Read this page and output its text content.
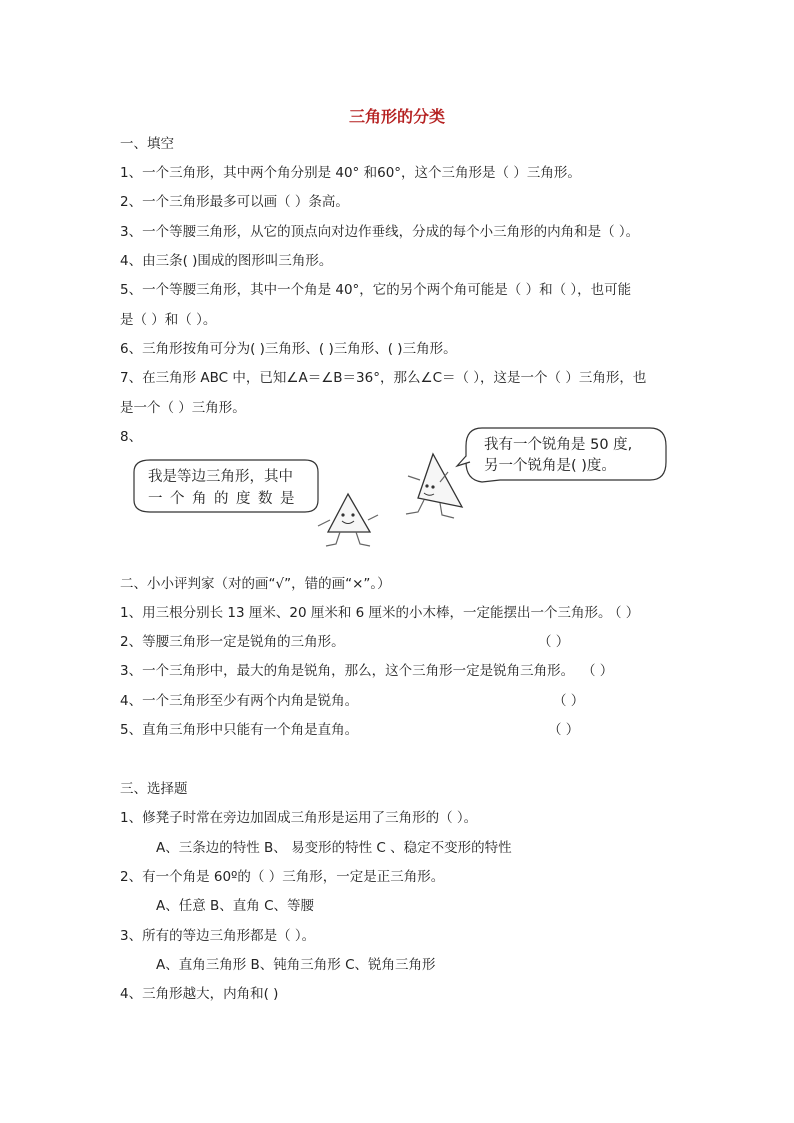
三角形的分类
一、填空
1、一个三角形，其中两个角分别是 40° 和60°，这个三角形是（ ）三角形。
2、一个三角形最多可以画（ ）条高。
3、一个等腰三角形，从它的顶点向对边作垂线，分成的每个小三角形的内角和是（ ）。
4、由三条( )围成的图形叫三角形。
5、一个等腰三角形，其中一个角是 40°，它的另个两个角可能是（ ）和（ ），也可能
是（ ）和（ ）。
6、三角形按角可分为( )三角形、( )三角形、( )三角形。
7、在三角形 ABC 中，已知∠A＝∠B＝36°，那么∠C＝（ ），这是一个（ ）三角形，也
是一个（ ）三角形。
8、
我是等边三角形，其中
一个角的度数是
我有一个锐角是 50 度,
另一个锐角是( )度。
二、小小评判家（对的画“√”，错的画“×”。）
1、用三根分别长 13 厘米、20 厘米和 6 厘米的小木棒，一定能摆出一个三角形。
（ ）
2、等腰三角形一定是锐角的三角形。	（ ）
3、一个三角形中，最大的角是锐角，那么，这个三角形一定是锐角三角形。 （ ）
4、一个三角形至少有两个内角是锐角。	（ ）
5、直角三角形中只能有一个角是直角。	（ ）
三、选择题
1、修凳子时常在旁边加固成三角形是运用了三角形的（ ）。
A、三条边的特性 B、 易变形的特性 C 、稳定不变形的特性
2、有一个角是 60º的（ ）三角形，一定是正三角形。
A、任意 B、直角 C、等腰
3、所有的等边三角形都是（ ）。
A、直角三角形 B、钝角三角形 C、锐角三角形
4、三角形越大，内角和( )
